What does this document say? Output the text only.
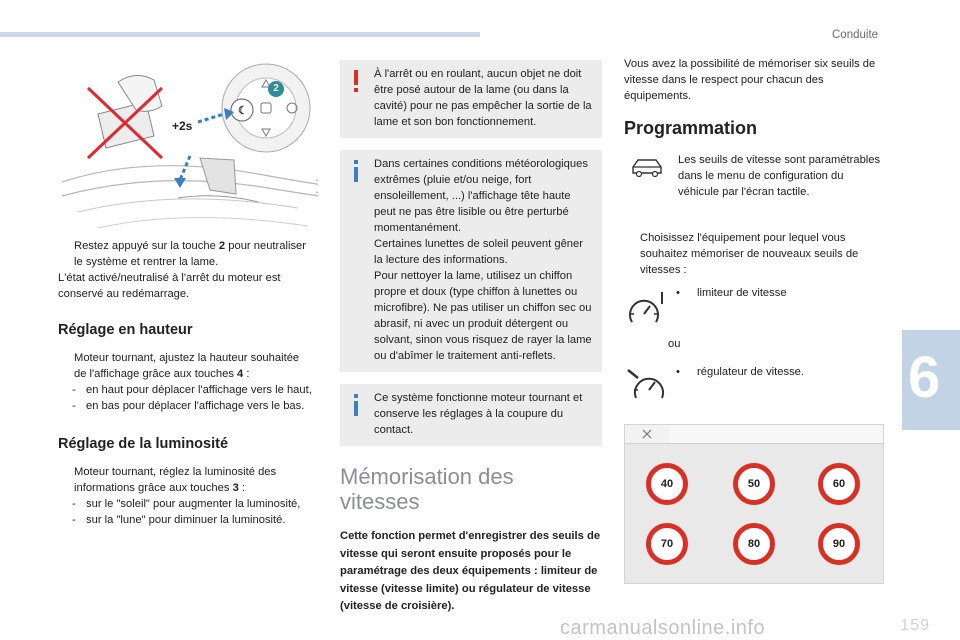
Conduite
6
159
carmanualsonline.info
☾
2
+2s

Restez appuyé sur la touche 2 pour neutraliser le système et rentrer la lame.

L'état activé/neutralisé à l'arrêt du moteur est conservé au redémarrage.

Réglage en hauteur

Moteur tournant, ajustez la hauteur souhaitée de l'affichage grâce aux touches 4 :

- en haut pour déplacer l'affichage vers le haut,

- en bas pour déplacer l'affichage vers le bas.

Réglage de la luminosité

Moteur tournant, réglez la luminosité des informations grâce aux touches 3 :

- sur le "soleil" pour augmenter la luminosité,

- sur la "lune" pour diminuer la luminosité.

À l'arrêt ou en roulant, aucun objet ne doit être posé autour de la lame (ou dans la cavité) pour ne pas empêcher la sortie de la lame et son bon fonctionnement.

Dans certaines conditions météorologiques extrêmes (pluie et/ou neige, fort ensoleillement, ...) l'affichage tête haute peut ne pas être lisible ou être perturbé momentanément.

Certaines lunettes de soleil peuvent gêner la lecture des informations.

Pour nettoyer la lame, utilisez un chiffon propre et doux (type chiffon à lunettes ou microfibre). Ne pas utiliser un chiffon sec ou abrasif, ni avec un produit détergent ou solvant, sinon vous risquez de rayer la lame ou d'abîmer le traitement anti-reflets.

Ce système fonctionne moteur tournant et conserve les réglages à la coupure du contact.

Mémorisation des
vitesses

Cette fonction permet d'enregistrer des seuils de vitesse qui seront ensuite proposés pour le paramétrage des deux équipements : limiteur de vitesse (vitesse limite) ou régulateur de vitesse (vitesse de croisière).

Vous avez la possibilité de mémoriser six seuils de vitesse dans le respect pour chacun des équipements.

Programmation
Les seuils de vitesse sont paramétrables dans le menu de configuration du véhicule par l'écran tactile.

Choisissez l'équipement pour lequel vous souhaitez mémoriser de nouveaux seuils de vitesses :

• limiteur de vitesse
ou
• régulateur de vitesse.
40	50	60
70	80	90
